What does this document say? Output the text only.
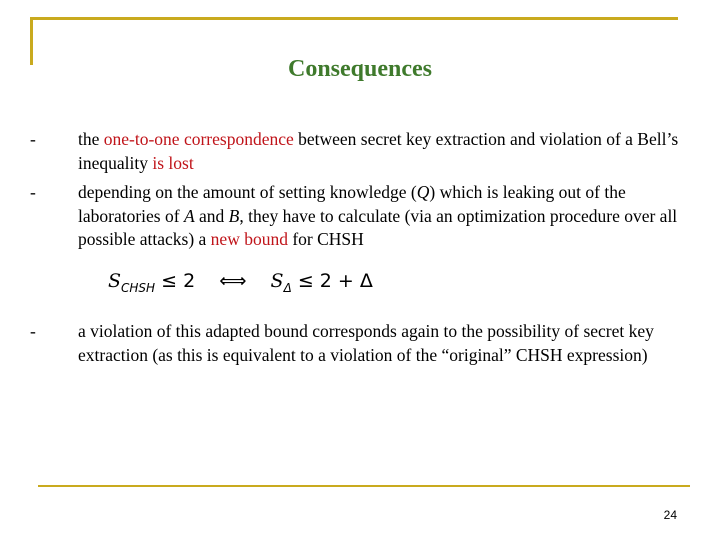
Consequences
- the one-to-one correspondence between secret key extraction and violation of a Bell’s inequality is lost
- depending on the amount of setting knowledge (Q) which is leaking out of the laboratories of A and B, they have to calculate (via an optimization procedure over all possible attacks) a new bound for CHSH
$S_{CHSH} \le 2$ ⟺ $S_\Delta \le 2 + \Delta$
- a violation of this adapted bound corresponds again to the possibility of secret key extraction (as this is equivalent to a violation of the “original” CHSH expression)
24
